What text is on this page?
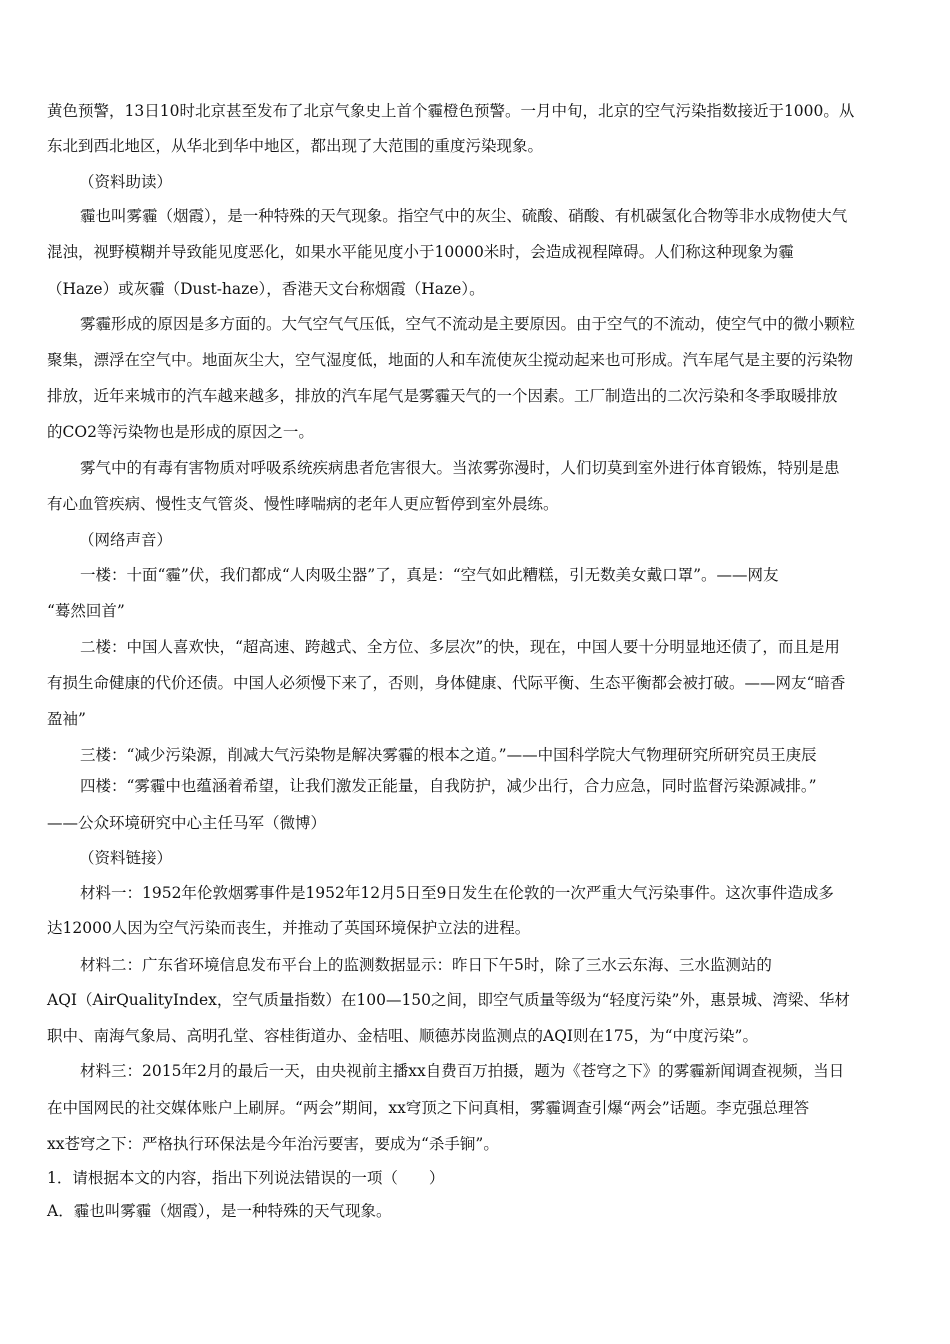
黄色预警，13日10时北京甚至发布了北京气象史上首个霾橙色预警。一月中旬，北京的空气污染指数接近于1000。从
东北到西北地区，从华北到华中地区，都出现了大范围的重度污染现象。
（资料助读）
霾也叫雾霾（烟霞），是一种特殊的天气现象。指空气中的灰尘、硫酸、硝酸、有机碳氢化合物等非水成物使大气
混浊，视野模糊并导致能见度恶化，如果水平能见度小于10000米时，会造成视程障碍。人们称这种现象为霾
（Haze）或灰霾（Dust-haze），香港天文台称烟霞（Haze）。
雾霾形成的原因是多方面的。大气空气气压低，空气不流动是主要原因。由于空气的不流动，使空气中的微小颗粒
聚集，漂浮在空气中。地面灰尘大，空气湿度低，地面的人和车流使灰尘搅动起来也可形成。汽车尾气是主要的污染物
排放，近年来城市的汽车越来越多，排放的汽车尾气是雾霾天气的一个因素。工厂制造出的二次污染和冬季取暖排放
的CO2等污染物也是形成的原因之一。
雾气中的有毒有害物质对呼吸系统疾病患者危害很大。当浓雾弥漫时，人们切莫到室外进行体育锻炼，特别是患
有心血管疾病、慢性支气管炎、慢性哮喘病的老年人更应暂停到室外晨练。
（网络声音）
一楼：十面“霾”伏，我们都成“人肉吸尘器”了，真是：“空气如此糟糕，引无数美女戴口罩”。——网友
“蓦然回首”
二楼：中国人喜欢快，“超高速、跨越式、全方位、多层次”的快，现在，中国人要十分明显地还债了，而且是用
有损生命健康的代价还债。中国人必须慢下来了，否则，身体健康、代际平衡、生态平衡都会被打破。——网友“暗香
盈袖”
三楼：“减少污染源，削减大气污染物是解决雾霾的根本之道。”——中国科学院大气物理研究所研究员王庚辰
四楼：“雾霾中也蕴涵着希望，让我们激发正能量，自我防护，减少出行，合力应急，同时监督污染源减排。”
——公众环境研究中心主任马军（微博）
（资料链接）
材料一：1952年伦敦烟雾事件是1952年12月5日至9日发生在伦敦的一次严重大气污染事件。这次事件造成多
达12000人因为空气污染而丧生，并推动了英国环境保护立法的进程。
材料二：广东省环境信息发布平台上的监测数据显示：昨日下午5时，除了三水云东海、三水监测站的
AQI（AirQualityIndex，空气质量指数）在100—150之间，即空气质量等级为“轻度污染”外，惠景城、湾梁、华材
职中、南海气象局、高明孔堂、容桂街道办、金桔咀、顺德苏岗监测点的AQI则在175，为“中度污染”。
材料三：2015年2月的最后一天，由央视前主播xx自费百万拍摄，题为《苍穹之下》的雾霾新闻调查视频，当日
在中国网民的社交媒体账户上刷屏。“两会”期间，xx穹顶之下问真相，雾霾调查引爆“两会”话题。李克强总理答
xx苍穹之下：严格执行环保法是今年治污要害，要成为“杀手锏”。
1．请根据本文的内容，指出下列说法错误的一项（　　）
A．霾也叫雾霾（烟霞），是一种特殊的天气现象。
